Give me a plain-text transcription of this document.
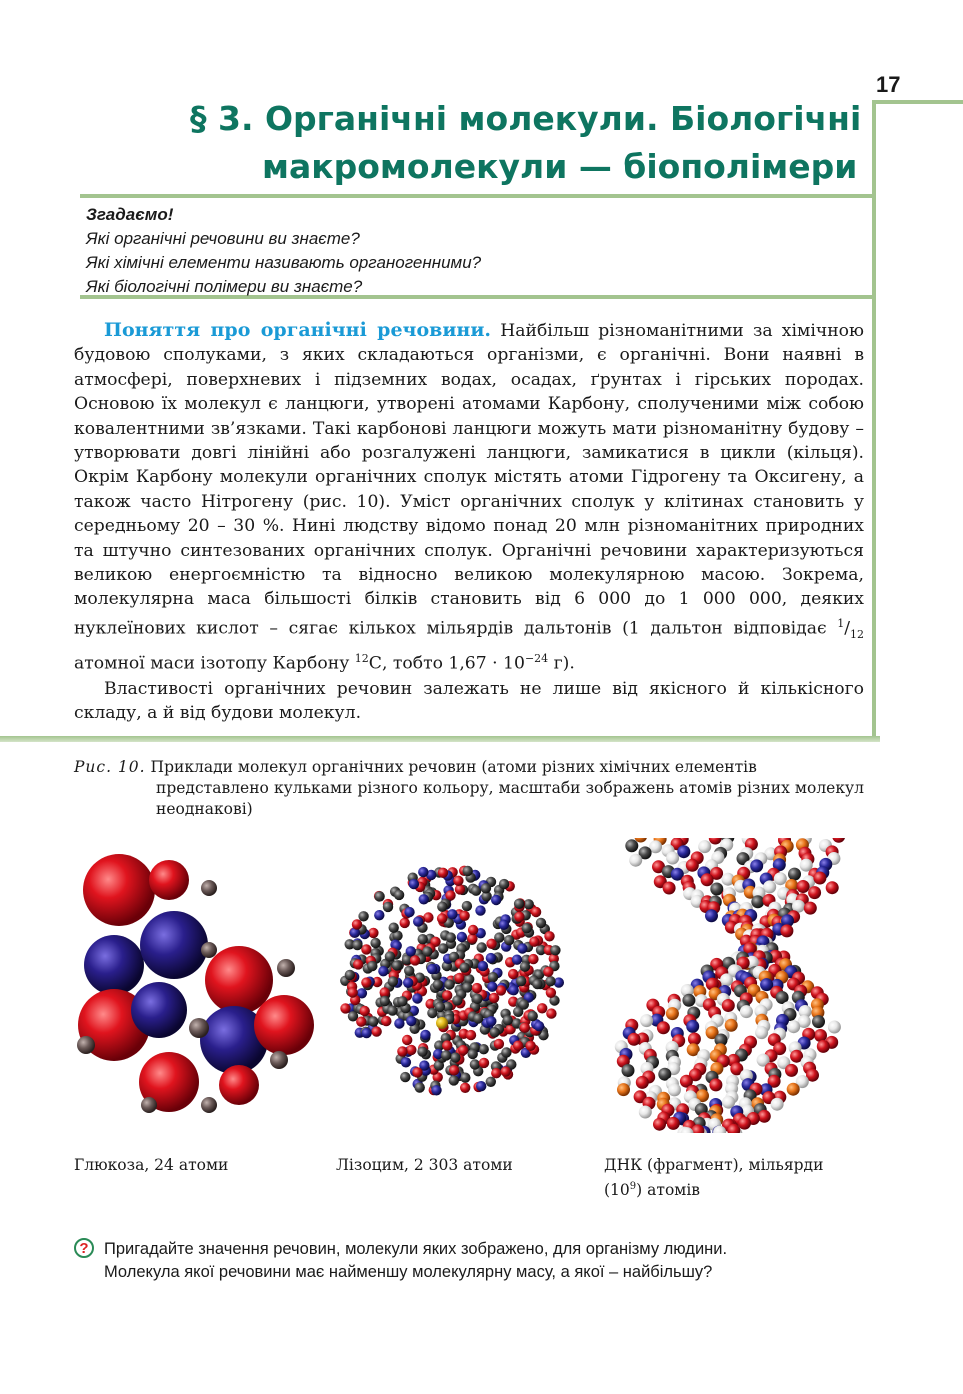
17
§ 3. Органічні молекули. Біологічні
макромолекули — біополімери
Згадаємо!
Які органічні речовини ви знаєте?
Які хімічні елементи називають органогенними?
Які біологічні полімери ви знаєте?

Поняття про органічні речовини. Найбільш різноманітними за хімічною будовою сполуками, з яких складаються організми, є органічні. Вони наявні в атмосфері, поверхневих і підземних водах, осадах, ґрунтах і гірських породах. Основою їх молекул є ланцюги, утворені атомами Карбону, сполученими між собою ковалентними зв’язками. Такі карбонові ланцюги можуть мати різноманітну будову – утворювати довгі лінійні або розгалужені ланцюги, замикатися в цикли (кільця). Окрім Карбону молекули органічних сполук містять атоми Гідрогену та Оксигену, а також часто Нітрогену (рис. 10). Уміст органічних сполук у клітинах становить у середньому 20 – 30 %. Нині людству відомо понад 20 млн різноманітних природних та штучно синтезованих органічних сполук. Органічні речовини характеризуються великою енергоємністю та відносно великою молекулярною масою. Зокрема, молекулярна маса більшості білків становить від 6 000 до 1 000 000, деяких нуклеїнових кислот – сягає кількох мільярдів дальтонів (1 дальтон відповідає $^1/_{12}$ атомної маси ізотопу Карбону $^{12}$С, тобто $1,67 \cdot 10^{-24}$ г).

Властивості органічних речовин залежать не лише від якісного й кількісного складу, а й від будови молекул.

Рис. 10. Приклади молекул органічних речовин (атоми різних хімічних елементів
представлено кульками різного кольору, масштаби зображень атомів різних молекул неоднакові)
Глюкоза, 24 атоми	Лізоцим, 2 303 атоми	ДНК (фрагмент), мільярди
$(10^9)$ атомів
? Пригадайте значення речовин, молекули яких зображено, для організму людини.
Молекула якої речовини має найменшу молекулярну масу, а якої – найбільшу?
